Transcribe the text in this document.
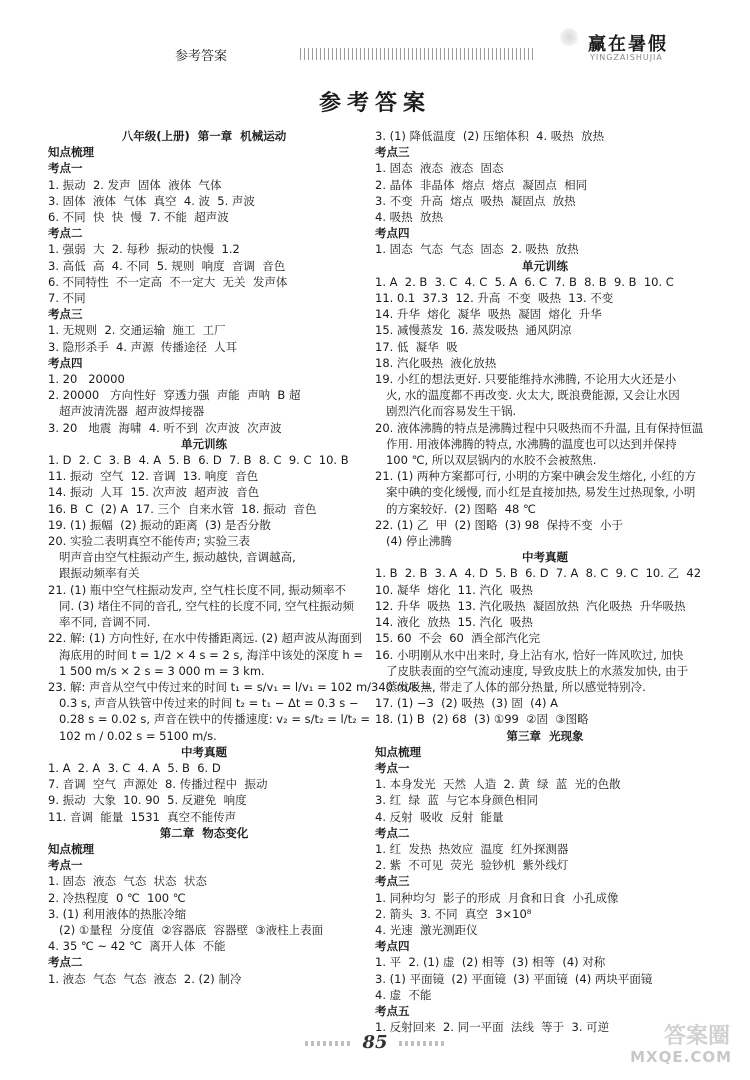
参考答案
赢在暑假
YINGZAISHUJIA
参考答案
八年级(上册)  第一章  机械运动
知点梳理
考点一
1. 振动  2. 发声  固体  液体  气体
3. 固体  液体  气体  真空  4. 波  5. 声波
6. 不同  快  快  慢  7. 不能  超声波
考点二
1. 强弱  大  2. 每秒  振动的快慢  1.2
3. 高低  高  4. 不同  5. 规则  响度  音调  音色
6. 不同特性  不一定高  不一定大  无关  发声体
7. 不同
考点三
1. 无规则  2. 交通运输  施工  工厂
3. 隐形杀手  4. 声源  传播途径  人耳
考点四
1. 20   20000
2. 20000   方向性好  穿透力强  声能  声呐  B 超
超声波清洗器  超声波焊接器
3. 20   地震  海啸  4. 听不到  次声波  次声波
单元训练
1. D  2. C  3. B  4. A  5. B  6. D  7. B  8. C  9. C  10. B
11. 振动  空气  12. 音调  13. 响度  音色
14. 振动  人耳  15. 次声波  超声波  音色
16. B  C  (2) A  17. 三个  自来水管  18. 振动  音色
19. (1) 振幅  (2) 振动的距离  (3) 是否分散
20. 实验二表明真空不能传声; 实验三表
明声音由空气柱振动产生, 振动越快, 音调越高,
跟振动频率有关
21. (1) 瓶中空气柱振动发声, 空气柱长度不同, 振动频率不
同. (3) 堵住不同的音孔, 空气柱的长度不同, 空气柱振动频
率不同, 音调不同.
22. 解: (1) 方向性好, 在水中传播距离远. (2) 超声波从海面到
海底用的时间 t = 1/2 × 4 s = 2 s, 海洋中该处的深度 h =
1 500 m/s × 2 s = 3 000 m = 3 km.
23. 解: 声音从空气中传过来的时间 t₁ = s/v₁ = l/v₁ = 102 m/340 m/s =
0.3 s, 声音从铁管中传过来的时间 t₂ = t₁ − Δt = 0.3 s −
0.28 s = 0.02 s, 声音在铁中的传播速度: v₂ = s/t₂ = l/t₂ =
102 m / 0.02 s = 5100 m/s.
中考真题
1. A  2. A  3. C  4. A  5. B  6. D
7. 音调  空气  声源处  8. 传播过程中  振动
9. 振动  大象  10. 90  5. 反避免  响度
11. 音调  能量  1531  真空不能传声
第二章  物态变化
知点梳理
考点一
1. 固态  液态  气态  状态  状态
2. 冷热程度  0 ℃  100 ℃
3. (1) 利用液体的热胀冷缩
(2) ①量程  分度值  ②容器底  容器壁  ③液柱上表面
4. 35 ℃ ~ 42 ℃  离开人体  不能
考点二
1. 液态  气态  气态  液态  2. (2) 制冷
3. (1) 降低温度  (2) 压缩体积  4. 吸热  放热
考点三
1. 固态  液态  液态  固态
2. 晶体  非晶体  熔点  熔点  凝固点  相同
3. 不变  升高  熔点  吸热  凝固点  放热
4. 吸热  放热
考点四
1. 固态  气态  气态  固态  2. 吸热  放热
单元训练
1. A  2. B  3. C  4. C  5. A  6. C  7. B  8. B  9. B  10. C
11. 0.1  37.3  12. 升高  不变  吸热  13. 不变
14. 升华  熔化  凝华  吸热  凝固  熔化  升华
15. 减慢蒸发  16. 蒸发吸热  通风阴凉
17. 低  凝华  吸
18. 汽化吸热  液化放热
19. 小红的想法更好. 只要能维持水沸腾, 不论用大火还是小
火, 水的温度都不再改变. 火太大, 既浪费能源, 又会让水因
剧烈汽化而容易发生干锅.
20. 液体沸腾的特点是沸腾过程中只吸热而不升温, 且有保持恒温
作用. 用液体沸腾的特点, 水沸腾的温度也可以达到并保持
100 ℃, 所以双层锅内的水胶不会被熬焦.
21. (1) 两种方案都可行, 小明的方案中碘会发生熔化, 小红的方
案中碘的变化缓慢, 而小红是直接加热, 易发生过热现象, 小明
的方案较好.  (2) 图略  48 ℃
22. (1) 乙  甲  (2) 图略  (3) 98  保持不变  小于
(4) 停止沸腾
中考真题
1. B  2. B  3. A  4. D  5. B  6. D  7. A  8. C  9. C  10. 乙  42
10. 凝华  熔化  11. 汽化  吸热
12. 升华  吸热  13. 汽化吸热  凝固放热  汽化吸热  升华吸热
14. 液化  放热  15. 汽化  吸热
15. 60  不会  60  酒全部汽化完
16. 小明刚从水中出来时, 身上沾有水, 恰好一阵风吹过, 加快
了皮肤表面的空气流动速度, 导致皮肤上的水蒸发加快, 由于
蒸发吸热, 带走了人体的部分热量, 所以感觉特别冷.
17. (1) −3  (2) 吸热  (3) 固  (4) A
18. (1) B  (2) 68  (3) ①99  ②固  ③图略
第三章  光现象
知点梳理
考点一
1. 本身发光  天然  人造  2. 黄  绿  蓝  光的色散
3. 红  绿  蓝  与它本身颜色相同
4. 反射  吸收  反射  能量
考点二
1. 红  发热  热效应  温度  红外探测器
2. 紫  不可见  荧光  验钞机  紫外线灯
考点三
1. 同种均匀  影子的形成  月食和日食  小孔成像
2. 箭头  3. 不同  真空  3×10⁸
4. 光速  激光测距仪
考点四
1. 平  2. (1) 虚  (2) 相等  (3) 相等  (4) 对称
3. (1) 平面镜  (2) 平面镜  (3) 平面镜  (4) 两块平面镜
4. 虚  不能
考点五
1. 反射回来  2. 同一平面  法线  等于  3. 可逆
85	答案圈
MXQE.COM
